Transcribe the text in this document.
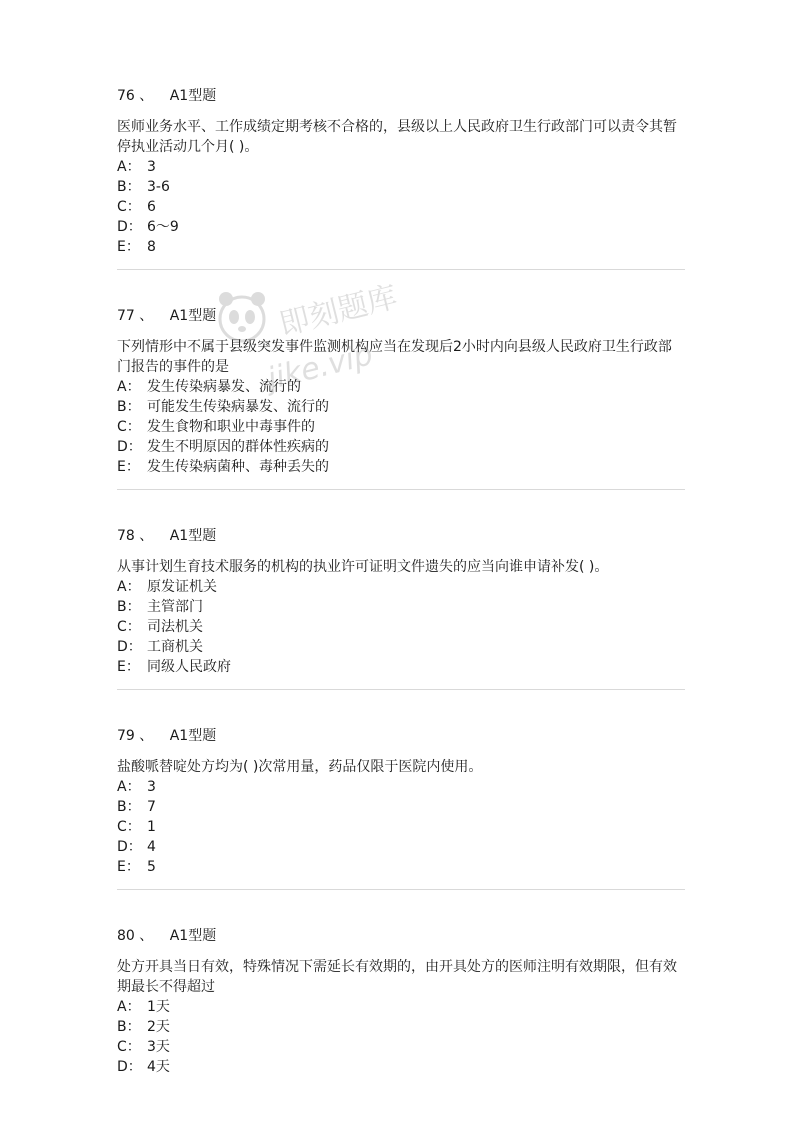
即刻题库
jike.vip
76 、 A1型题
医师业务水平、工作成绩定期考核不合格的，县级以上人民政府卫生行政部门可以责令其暂停执业活动几个月( )。
A： 3
B： 3-6
C： 6
D： 6～9
E： 8
77 、 A1型题
下列情形中不属于县级突发事件监测机构应当在发现后2小时内向县级人民政府卫生行政部门报告的事件的是
A： 发生传染病暴发、流行的
B： 可能发生传染病暴发、流行的
C： 发生食物和职业中毒事件的
D： 发生不明原因的群体性疾病的
E： 发生传染病菌种、毒种丢失的
78 、 A1型题
从事计划生育技术服务的机构的执业许可证明文件遗失的应当向谁申请补发( )。
A： 原发证机关
B： 主管部门
C： 司法机关
D： 工商机关
E： 同级人民政府
79 、 A1型题
盐酸哌替啶处方均为( )次常用量，药品仅限于医院内使用。
A： 3
B： 7
C： 1
D： 4
E： 5
80 、 A1型题
处方开具当日有效，特殊情况下需延长有效期的，由开具处方的医师注明有效期限，但有效期最长不得超过
A： 1天
B： 2天
C： 3天
D： 4天
